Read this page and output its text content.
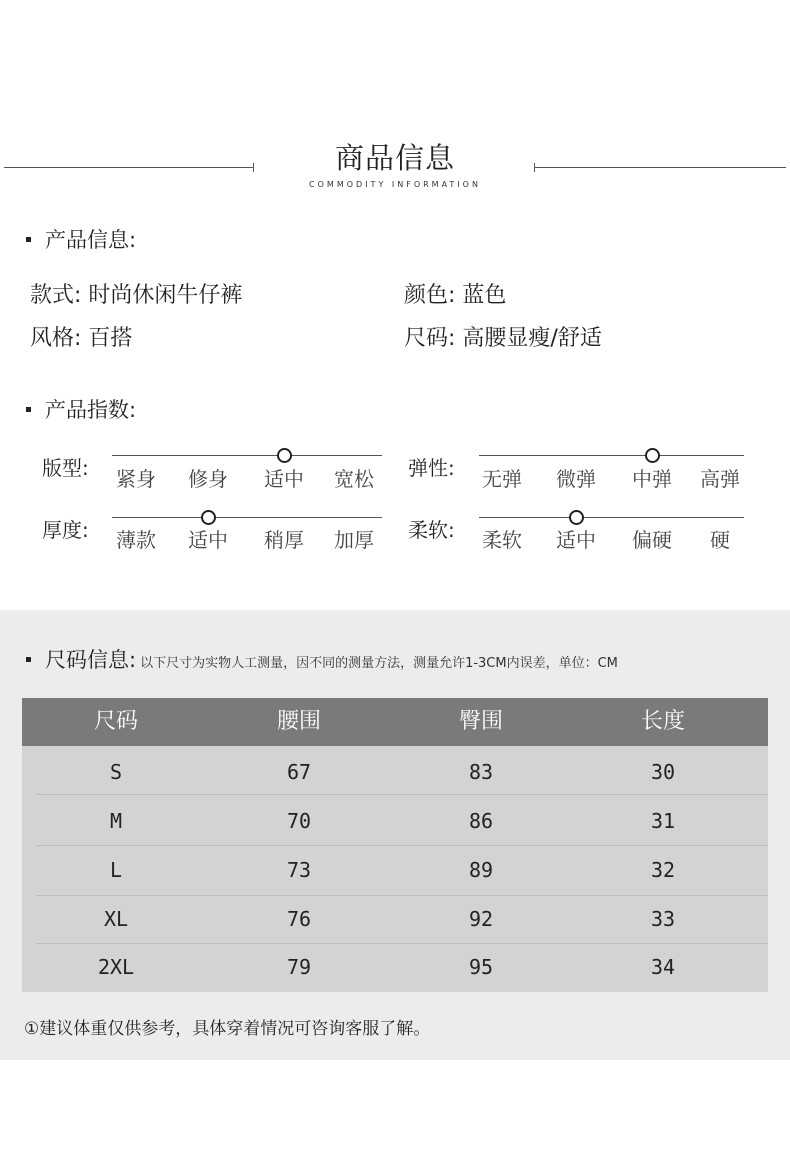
商品信息
COMMODITY INFORMATION
产品信息:
款式: 时尚休闲牛仔裤	颜色: 蓝色
风格: 百搭	尺码: 高腰显瘦/舒适
产品指数:
版型:	紧身	修身	适中	宽松	弹性:	无弹	微弹	中弹	高弹
厚度:	薄款	适中	稍厚	加厚	柔软:	柔软	适中	偏硬	硬
尺码信息: 以下尺寸为实物人工测量，因不同的测量方法，测量允许1-3CM内误差，单位：CM
尺码	腰围	臀围	长度
S	67	83	30
M	70	86	31
L	73	89	32
XL	76	92	33
2XL	79	95	34
①建议体重仅供参考，具体穿着情况可咨询客服了解。
